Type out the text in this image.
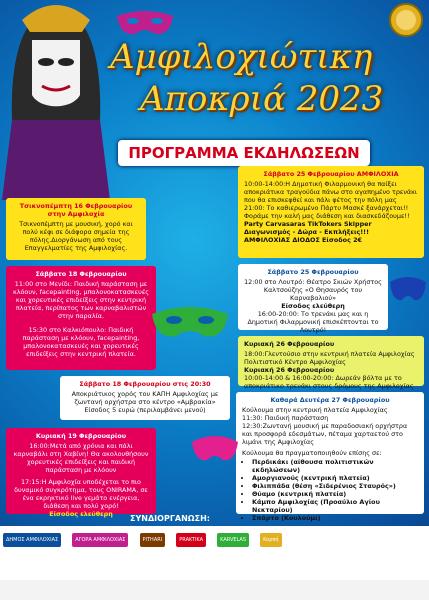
Αμφιλοχιώτικη
Αποκριά 2023
ΠΡΟΓΡΑΜΜΑ ΕΚΔΗΛΩΣΕΩΝ
Τσικνοπέμπτη 16 Φεβρουαρίου στην Αμφιλοχία
Τσικνοπέμπτη με μουσική, χορό και πολύ κέφι σε διάφορα σημεία της πόλης.Διοργάνωση από τους Επαγγελματίες της Αμφιλοχίας.
Σάββατο 18 Φεβρουαρίου
11:00 στο Μενίδι: Παιδική παράσταση με κλόουν, facepainting, μπαλονοκατασκευές και χορευτικές επιδείξεις στην κεντρική πλατεία, περίπατος των καρναβαλιστών στην παραλία.
15:30 στο Καλκιόπουλο: Παιδική παράσταση με κλόουν, facepainting, μπαλονοκατασκευές και χορευτικές επιδείξεις στην κεντρική πλατεία.
Σάββατο 18 Φεβρουαρίου στις 20:30
Αποκριάτικος χορός του ΚΑΠΗ Αμφιλοχίας με ζωντανή ορχήστρα στο κέντρο «Αμβρακία» Είσοδος 5 ευρώ (περιλαμβάνει μενού)
Κυριακή 19 Φεβρουαρίου
16:00:Μετά από χρόνια και πάλι καρναβάλι στη Χαβίνη! Θα ακολουθήσουν χορευτικές επιδείξεις και παιδική παράσταση με κλόουν
17:15:Η Αμφιλοχία υποδέχεται το πιο δυναμικό συγκρότημα, τους ONIRAMA, σε ένα εκρηκτικό live γεμάτο ενέργεια, διάθεση και πολύ χορό!
Είσοδος ελεύθερη
Σάββατο 25 Φεβρουαρίου ΑΜΦΙΛΟΧΙΑ
10:00-14:00:Η Δημοτική Φιλαρμονική θα παίξει αποκριάτικα τραγούδια πάνω στο αγαπημένο τρενάκι που θα επισκεφθεί και πάλι φέτος την πόλη μας
21:00: Το καθιερωμένο Πάρτυ Μασκέ ξανάρχεται!! Φοράμε την καλή μας διάθεση και διασκεδάζουμε!!
Party Carvasaras TikTokers Skipper Διαγωνισμός - Δώρα - Εκπλήξεις!!!
ΑΜΦΙΛΟΧΙΑΣ ΔΙΟΔΟΣ Είσοδος 2€
Σάββατο 25 Φεβρουαρίου
12:00 στο Λουτρό: Θέατρο Σκιών Χρήστος Καλτσούζης «Ο Θησαυρός του Καρναβαλιού»
Είσοδος ελεύθερη
16:00-20:00: Το τρενάκι μας και η Δημοτική Φιλαρμονική επισκέπτονται το Λουτρό!
Κυριακή 26 Φεβρουαρίου
18:00:Γλεντούσιο στην κεντρική πλατεία Αμφιλοχίας Πολιτιστικό Κέντρο Αμφιλοχίας
Κυριακή 26 Φεβρουαρίου
10:00-14:00 & 16:00-20:00: Δωρεάν βόλτα με το αποκριάτικο τρενάκι στους δρόμους της Αμφιλοχίας
Καθαρά Δευτέρα 27 Φεβρουαρίου
Κούλουμα στην κεντρική πλατεία Αμφιλοχίας
11:30: Παιδική παράσταση
12:30:Ζωντανή μουσική με παραδοσιακή ορχήστρα και προσφορά εδεσμάτων, πέταμα χαρταετού στο λιμάνι της Αμφιλοχίας
Κούλουμα θα πραγματοποιηθούν επίσης σε:
• Περδικάκι (αίθουσα πολιτιστικών εκδηλώσεων)
• Αμοργιανούς (κεντρική πλατεία)
• Φιλιππάδα (θέση «Σιδερένιος Σταυρός»)
• Θύαμο (κεντρική πλατεία)
• Κάμπο Αμφιλοχίας (Προαύλιο Αγίου Νεκταρίου)
• Σπάρτο (Κουλούμι)
ΣΥΝΔΙΟΡΓΑΝΩΣΗ:
ΔΗΜΟΣ ΑΜΦΙΛΟΧΙΑΣ	ΑΓΟΡΑ ΑΜΦΙΛΟΧΙΑΣ	PITHARI	PRAKTIKA	KARVELAS	Koρπή
